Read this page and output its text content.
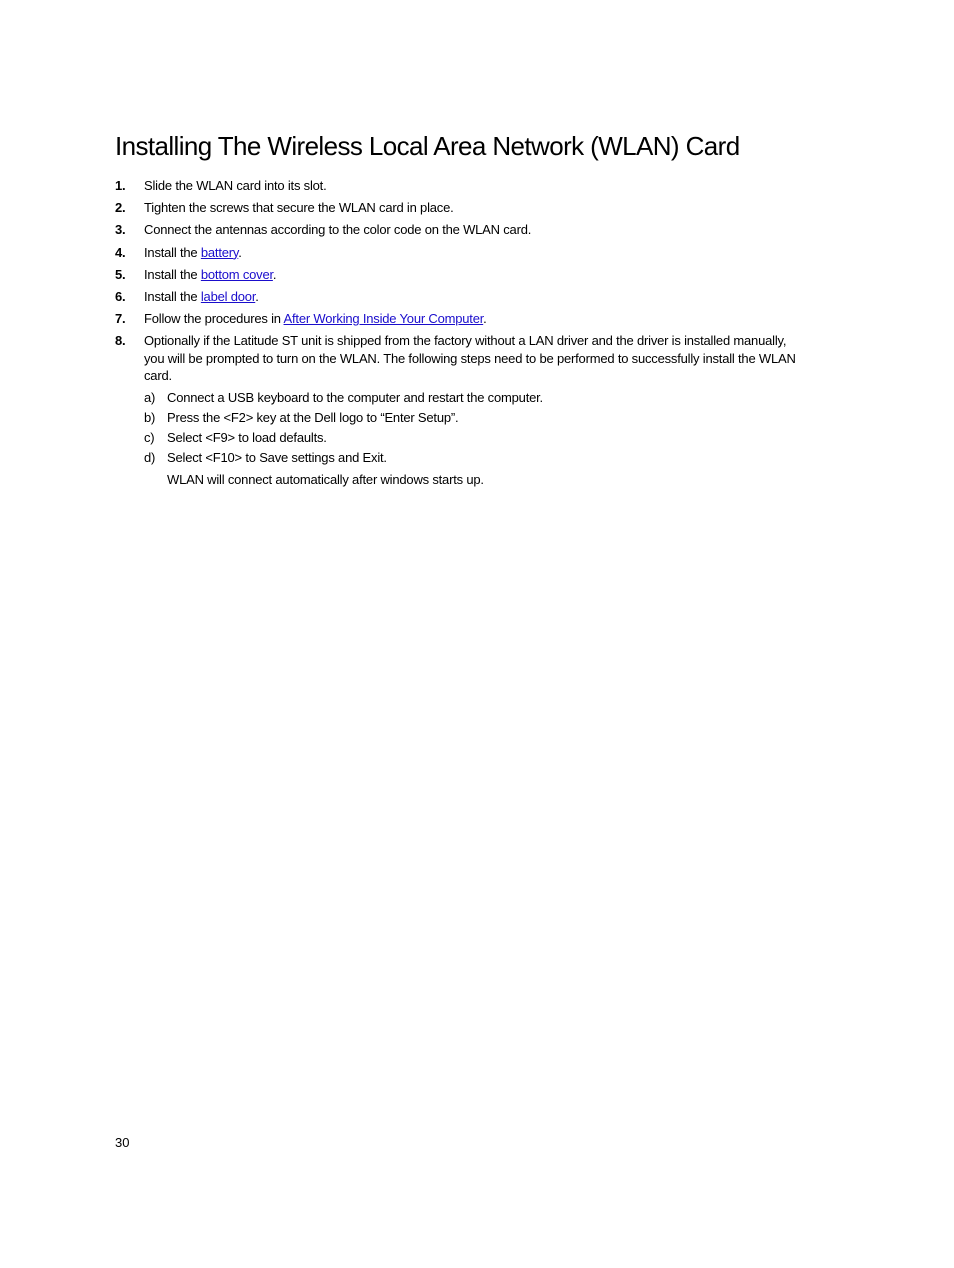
Installing The Wireless Local Area Network (WLAN) Card
1. Slide the WLAN card into its slot.
2. Tighten the screws that secure the WLAN card in place.
3. Connect the antennas according to the color code on the WLAN card.
4. Install the battery.
5. Install the bottom cover.
6. Install the label door.
7. Follow the procedures in After Working Inside Your Computer.
8. Optionally if the Latitude ST unit is shipped from the factory without a LAN driver and the driver is installed manually, you will be prompted to turn on the WLAN. The following steps need to be performed to successfully install the WLAN card.
a) Connect a USB keyboard to the computer and restart the computer.
b) Press the <F2> key at the Dell logo to “Enter Setup”.
c) Select <F9> to load defaults.
d) Select <F10> to Save settings and Exit.
WLAN will connect automatically after windows starts up.
30
